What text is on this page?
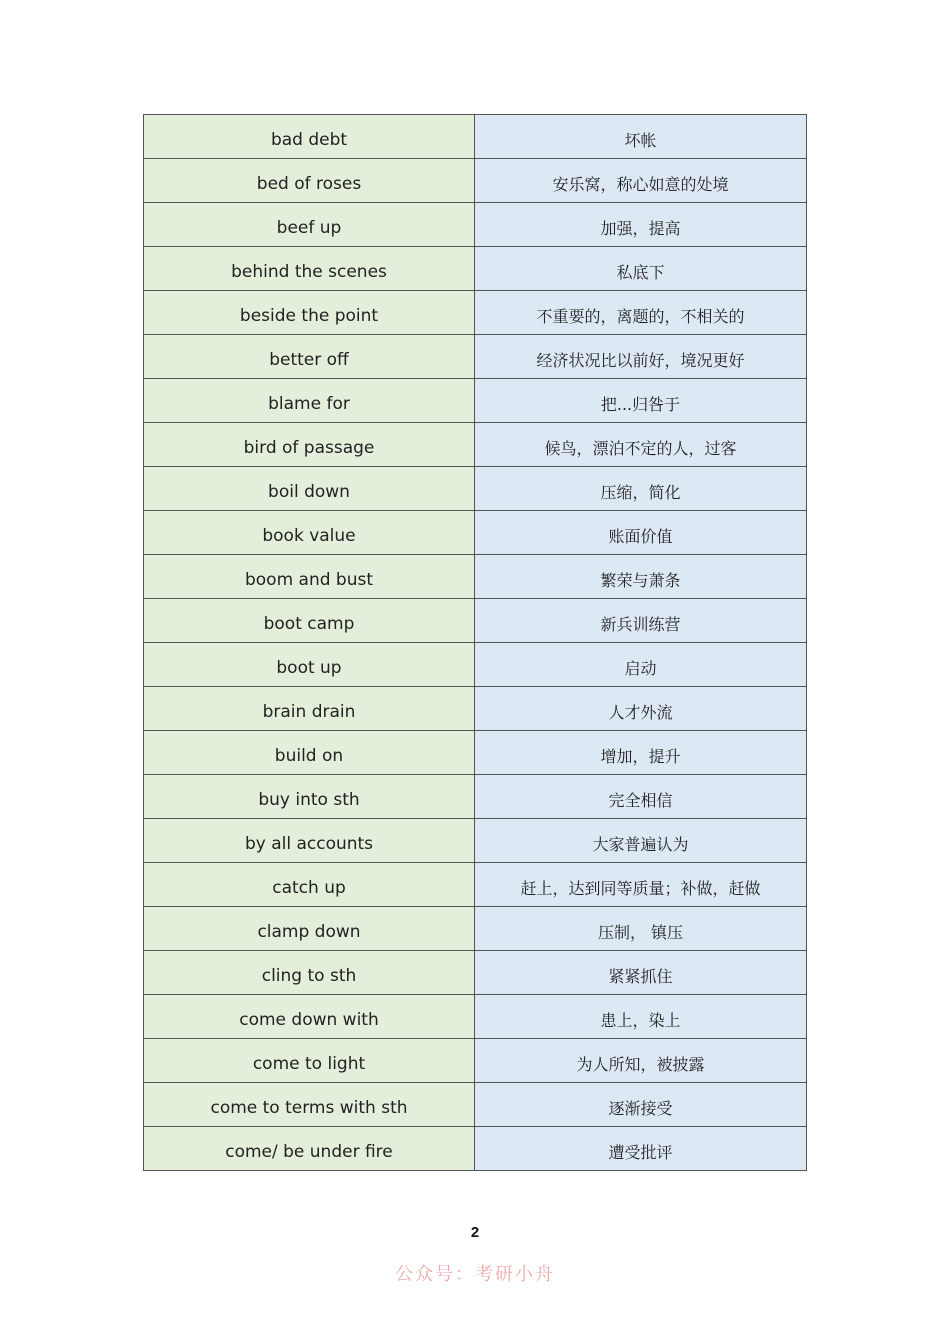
bad debt	坏帐
bed of roses	安乐窝，称心如意的处境
beef up	加强，提高
behind the scenes	私底下
beside the point	不重要的，离题的，不相关的
better off	经济状况比以前好，境况更好
blame for	把...归咎于
bird of passage	候鸟，漂泊不定的人，过客
boil down	压缩，简化
book value	账面价值
boom and bust	繁荣与萧条
boot camp	新兵训练营
boot up	启动
brain drain	人才外流
build on	增加，提升
buy into sth	完全相信
by all accounts	大家普遍认为
catch up	赶上，达到同等质量；补做，赶做
clamp down	压制， 镇压
cling to sth	紧紧抓住
come down with	患上，染上
come to light	为人所知，被披露
come to terms with sth	逐渐接受
come/ be under fire	遭受批评
2
公众号：考研小舟
